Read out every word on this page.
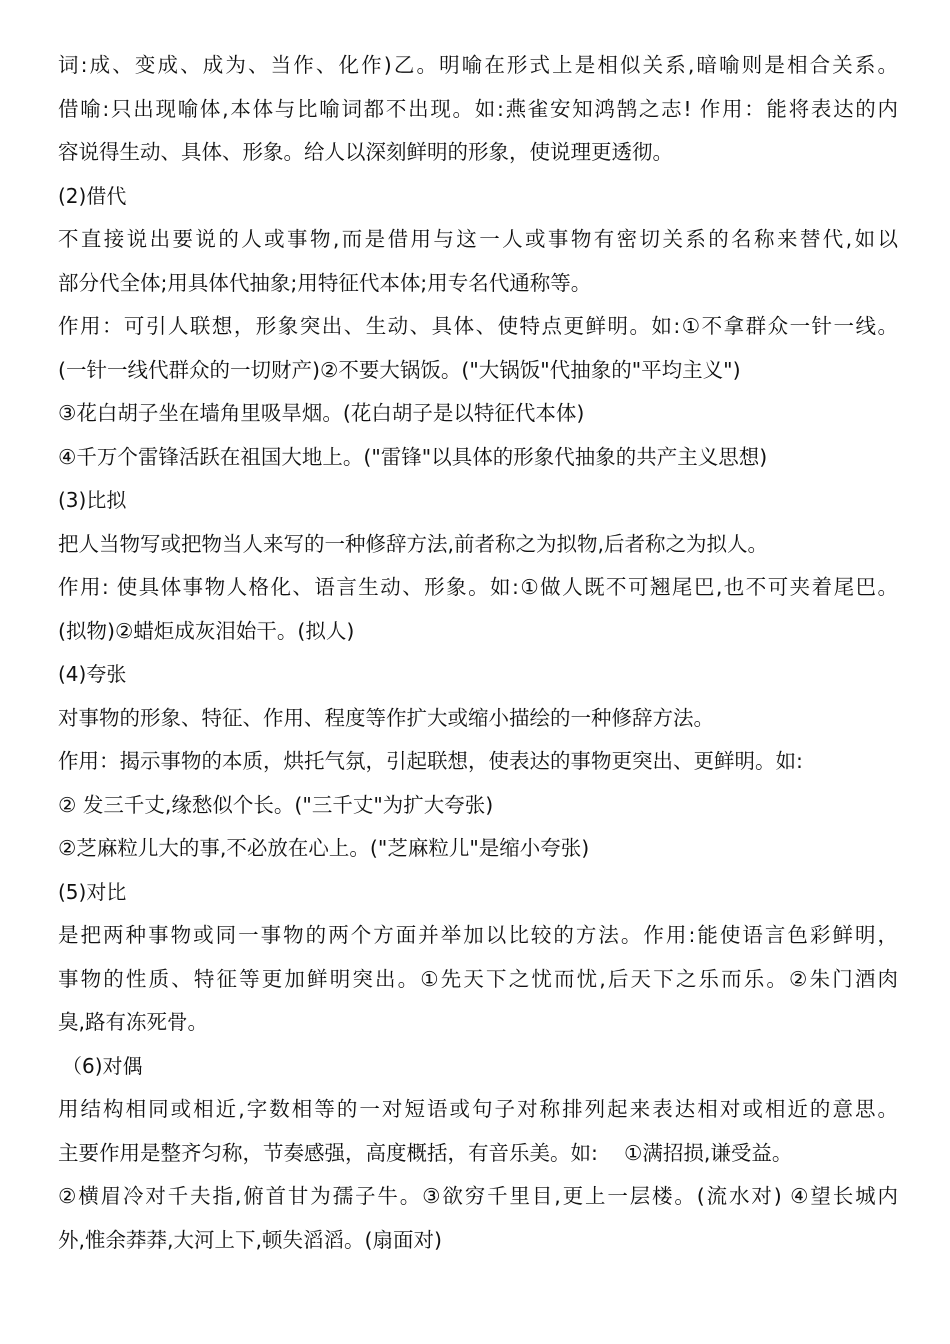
词:成、变成、成为、当作、化作)乙。明喻在形式上是相似关系,暗喻则是相合关系。
借喻:只出现喻体,本体与比喻词都不出现。如:燕雀安知鸿鹄之志! 作用：能将表达的内
容说得生动、具体、形象。给人以深刻鲜明的形象，使说理更透彻。
(2)借代
不直接说出要说的人或事物,而是借用与这一人或事物有密切关系的名称来替代,如以
部分代全体;用具体代抽象;用特征代本体;用专名代通称等。
作用：可引人联想，形象突出、生动、具体、使特点更鲜明。如:①不拿群众一针一线。
(一针一线代群众的一切财产)②不要大锅饭。("大锅饭"代抽象的"平均主义")
③花白胡子坐在墙角里吸旱烟。(花白胡子是以特征代本体)
④千万个雷锋活跃在祖国大地上。("雷锋"以具体的形象代抽象的共产主义思想)
(3)比拟
把人当物写或把物当人来写的一种修辞方法,前者称之为拟物,后者称之为拟人。
作用: 使具体事物人格化、语言生动、形象。如:①做人既不可翘尾巴,也不可夹着尾巴。
(拟物)②蜡炬成灰泪始干。(拟人)
(4)夸张
对事物的形象、特征、作用、程度等作扩大或缩小描绘的一种修辞方法。
作用：揭示事物的本质，烘托气氛，引起联想，使表达的事物更突出、更鲜明。如:
② 发三千丈,缘愁似个长。("三千丈"为扩大夸张)
②芝麻粒儿大的事,不必放在心上。("芝麻粒儿"是缩小夸张)
(5)对比
是把两种事物或同一事物的两个方面并举加以比较的方法。作用:能使语言色彩鲜明，
事物的性质、特征等更加鲜明突出。①先天下之忧而忧,后天下之乐而乐。②朱门酒肉
臭,路有冻死骨。
（6)对偶
用结构相同或相近,字数相等的一对短语或句子对称排列起来表达相对或相近的意思。
主要作用是整齐匀称，节奏感强，高度概括，有音乐美。如:    ①满招损,谦受益。
②横眉冷对千夫指,俯首甘为孺子牛。③欲穷千里目,更上一层楼。(流水对) ④望长城内
外,惟余莽莽,大河上下,顿失滔滔。(扇面对)
